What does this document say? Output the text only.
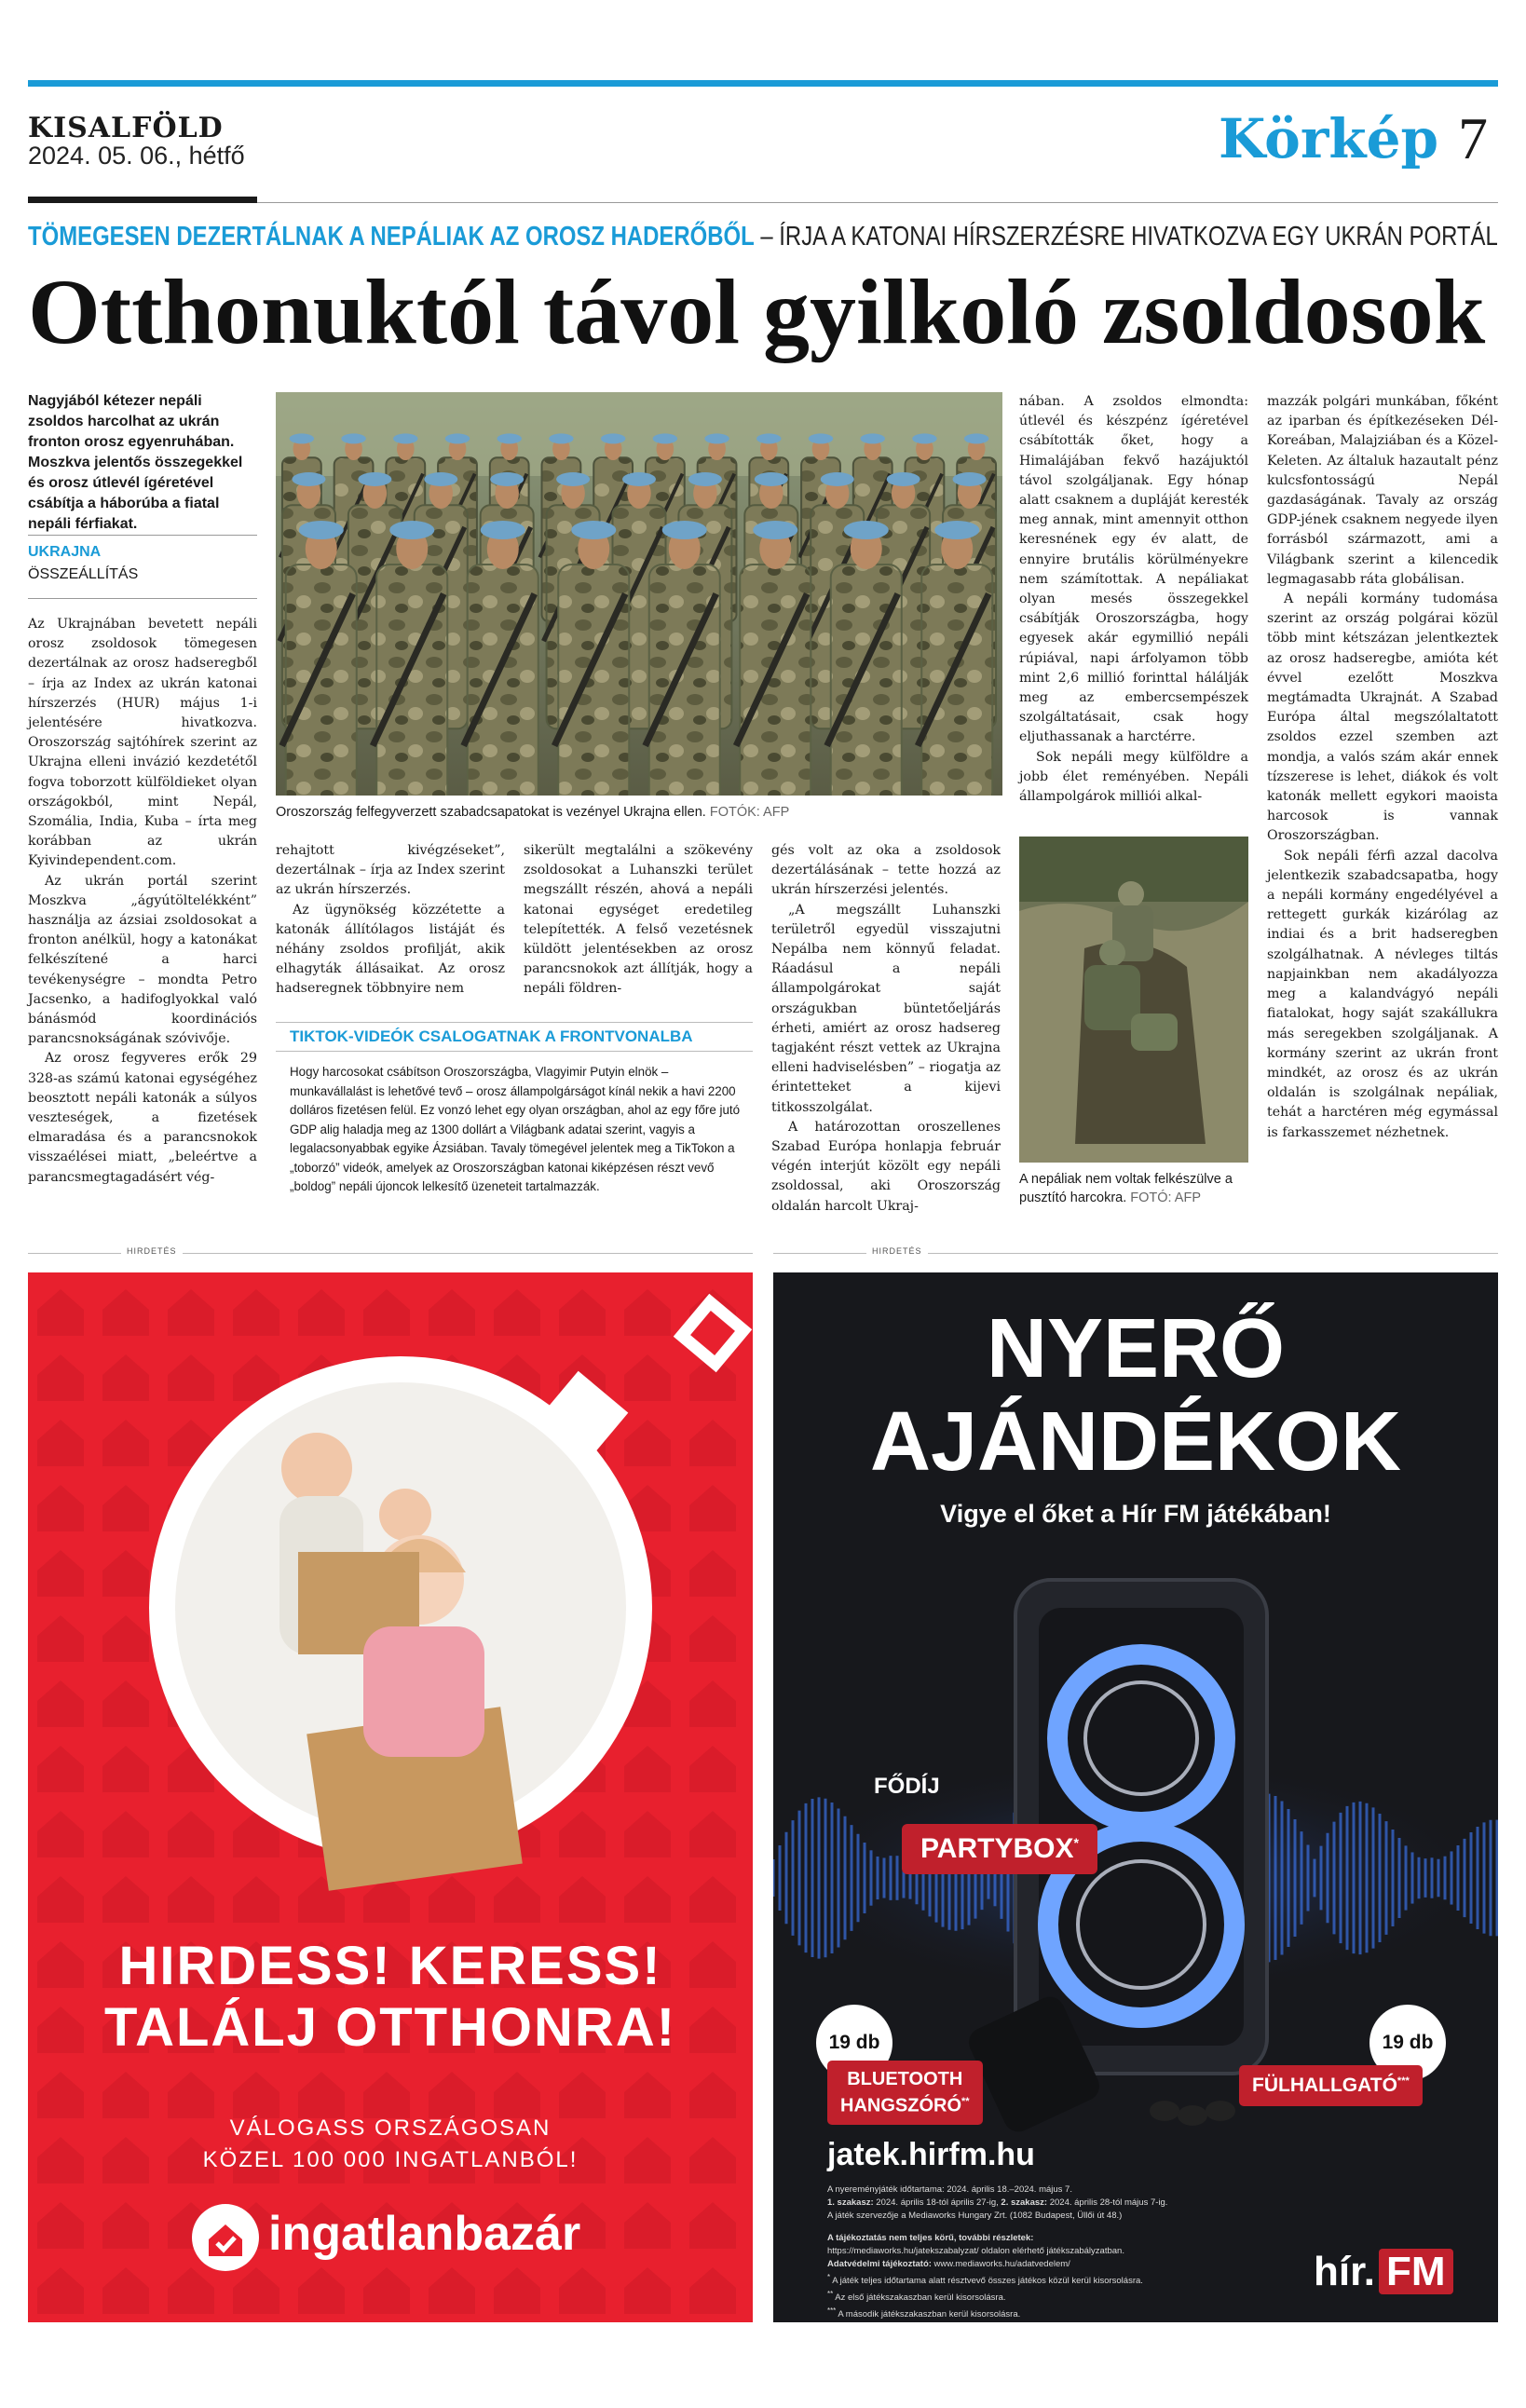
KISALFÖLD
2024. 05. 06., hétfő	Körkép 7
TÖMEGESEN DEZERTÁLNAK A NEPÁLIAK AZ OROSZ HADERŐBŐL – ÍRJA A KATONAI HÍRSZERZÉSRE HIVATKOZVA EGY UKRÁN PORTÁL
Otthonuktól távol gyilkoló zsoldosok
Nagyjából kétezer nepáli zsoldos harcolhat az ukrán fronton orosz egyenruhában. Moszkva jelentős összegekkel és orosz útlevél ígéretével csábítja a háborúba a fiatal nepáli férfiakat.
UKRAJNA
ÖSSZEÁLLÍTÁS

Az Ukrajnában bevetett nepáli orosz zsoldosok tömegesen dezertálnak az orosz hadseregből – írja az Index az ukrán katonai hírszerzés (HUR) május 1-i jelentésére hivatkozva. Oroszország sajtóhírek szerint az Ukrajna elleni invázió kezdetétől fogva toborzott külföldieket olyan országokból, mint Nepál, Szomália, India, Kuba – írta meg korábban az ukrán Kyivindependent.com.

Az ukrán portál szerint Moszkva „ágyútöltelékként” használja az ázsiai zsoldosokat a fronton anélkül, hogy a katonákat felkészítené a harci tevékenységre – mondta Petro Jacsenko, a hadifoglyokkal való bánásmód koordinációs parancsnokságának szóvivője.

Az orosz fegyveres erők 29 328-as számú katonai egységéhez beosztott nepáli katonák a súlyos veszteségek, a fizetések elmaradása és a parancsnokok visszaélései miatt, „beleértve a parancsmegtagadásért vég-

Oroszország felfegyverzett szabadcsapatokat is vezényel Ukrajna ellen. FOTÓK: AFP

rehajtott kivégzéseket”, dezertálnak – írja az Index szerint az ukrán hírszerzés.

Az ügynökség közzétette a katonák állítólagos listáját és néhány zsoldos profilját, akik elhagyták állásaikat. Az orosz hadseregnek többnyire nem

sikerült megtalálni a szökevény zsoldosokat a Luhanszki terület megszállt részén, ahová a nepáli katonai egységet eredetileg telepítették. A felső vezetésnek küldött jelentésekben az orosz parancsnokok azt állítják, hogy a nepáli földren-

TIKTOK-VIDEÓK CSALOGATNAK A FRONTVONALBA
Hogy harcosokat csábítson Oroszországba, Vlagyimir Putyin elnök – munkavállalást is lehetővé tevő – orosz állampolgárságot kínál nekik a havi 2200 dolláros fizetésen felül. Ez vonzó lehet egy olyan országban, ahol az egy főre jutó GDP alig haladja meg az 1300 dollárt a Világbank adatai szerint, vagyis a legalacsonyabbak egyike Ázsiában. Tavaly tömegével jelentek meg a TikTokon a „toborzó” videók, amelyek az Oroszországban katonai kiképzésen részt vevő „boldog” nepáli újoncok lelkesítő üzeneteit tartalmazzák.

gés volt az oka a zsoldosok dezertálásának – tette hozzá az ukrán hírszerzési jelentés.

„A megszállt Luhanszki területről egyedül visszajutni Nepálba nem könnyű feladat. Ráadásul a nepáli állampolgárokat saját országukban büntetőeljárás érheti, amiért az orosz hadsereg tagjaként részt vettek az Ukrajna elleni hadviselésben” – riogatja az érintetteket a kijevi titkosszolgálat.

A határozottan oroszellenes Szabad Európa honlapja február végén interjút közölt egy nepáli zsoldossal, aki Oroszország oldalán harcolt Ukraj-

nában. A zsoldos elmondta: útlevél és készpénz ígéretével csábították őket, hogy a Himalájában fekvő hazájuktól távol szolgáljanak. Egy hónap alatt csaknem a dupláját keresték meg annak, mint amennyit otthon keresnének egy év alatt, de ennyire brutális körülményekre nem számítottak. A nepáliakat olyan mesés összegekkel csábítják Oroszországba, hogy egyesek akár egymillió nepáli rúpiával, napi árfolyamon több mint 2,6 millió forinttal hálálják meg az embercsempészek szolgáltatásait, csak hogy eljuthassanak a harctérre.

Sok nepáli megy külföldre a jobb élet reményében. Nepáli állampolgárok milliói alkal-

A nepáliak nem voltak felkészülve a pusztító harcokra. FOTÓ: AFP

mazzák polgári munkában, főként az iparban és építkezéseken Dél-Koreában, Malajziában és a Közel-Keleten. Az általuk hazautalt pénz kulcsfontosságú Nepál gazdaságának. Tavaly az ország GDP-jének csaknem negyede ilyen forrásból származott, ami a Világbank szerint a kilencedik legmagasabb ráta globálisan.

A nepáli kormány tudomása szerint az ország polgárai közül több mint kétszázan jelentkeztek az orosz hadseregbe, amióta két évvel ezelőtt Moszkva megtámadta Ukrajnát. A Szabad Európa által megszólaltatott zsoldos ezzel szemben azt mondja, a valós szám akár ennek tízszerese is lehet, diákok és volt katonák mellett egykori maoista harcosok is vannak Oroszországban.

Sok nepáli férfi azzal dacolva jelentkezik szabadcsapatba, hogy a nepáli kormány engedélyével a rettegett gurkák kizárólag az indiai és a brit hadseregben szolgálhatnak. A névleges tiltás napjainkban nem akadályozza meg a kalandvágyó nepáli fiatalokat, hogy saját szakállukra más seregekben szolgáljanak. A kormány szerint az ukrán front mindkét, az orosz és az ukrán oldalán is szolgálnak nepáliak, tehát a harctéren még egymással is farkasszemet nézhetnek.

HIRDETÉS	HIRDETÉS
HIRDESS! KERESS!
TALÁLJ OTTHONRA!
VÁLOGASS ORSZÁGOSAN
KÖZEL 100 000 INGATLANBÓL!
ingatlanbazár
NYERŐ
AJÁNDÉKOK
Vigye el őket a Hír FM játékában!
FŐDÍJ
PARTYBOX*
19 db
BLUETOOTH
HANGSZÓRÓ**
19 db
FÜLHALLGATÓ***
jatek.hirfm.hu
A nyereményjáték időtartama: 2024. április 18.–2024. május 7.
1. szakasz: 2024. április 18-tól április 27-ig, 2. szakasz: 2024. április 28-tól május 7-ig.
A játék szervezője a Mediaworks Hungary Zrt. (1082 Budapest, Üllői út 48.)
A tájékoztatás nem teljes körű, további részletek:
https://mediaworks.hu/jatekszabalyzat/ oldalon elérhető játékszabályzatban.
Adatvédelmi tájékoztató: www.mediaworks.hu/adatvedelem/
* A játék teljes időtartama alatt résztvevő összes játékos közül kerül kisorsolásra.
** Az első játékszakaszban kerül kisorsolásra.
*** A második játékszakaszban kerül kisorsolásra.
hír. FM
